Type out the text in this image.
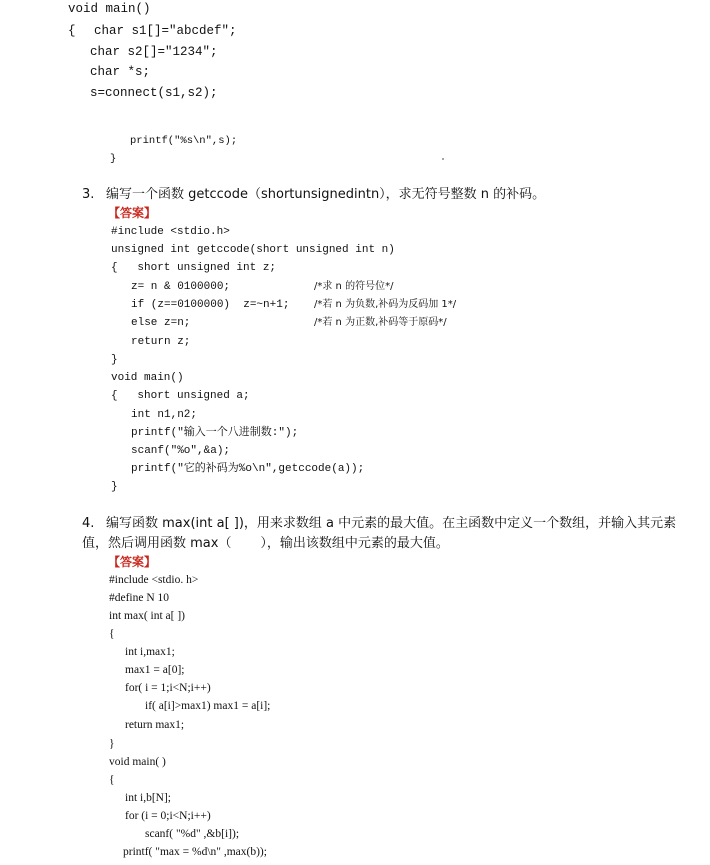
void main()
{ char s1[]="abcdef";
char s2[]="1234";
char *s;
s=connect(s1,s2);
printf("%s\n",s);
}
3. 编写一个函数 getccode（shortunsignedintn），求无符号整数 n 的补码。
【答案】
#include <stdio.h>
unsigned int getccode(short unsigned int n)
{   short unsigned int z;
z= n & 0100000;
if (z==0100000)  z=~n+1;
else z=n;
return z;
}
void main()
{   short unsigned a;
int n1,n2;
printf("输入一个八进制数:");
scanf("%o",&a);
printf("它的补码为%o\n",getccode(a));
}
/*求 n 的符号位*/
/*若 n 为负数,补码为反码加 1*/
/*若 n 为正数,补码等于原码*/
4. 编写函数 max(int a[ ])，用来求数组 a 中元素的最大值。在主函数中定义一个数组，并输入其元素
值，然后调用函数 max（       ），输出该数组中元素的最大值。
【答案】
#include <stdio. h>
#define N 10
int max( int a[ ])
{
int i,max1;
max1 = a[0];
for( i = 1;i<N;i++)
if( a[i]>max1) max1 = a[i];
return max1;
}
void main( )
{
int i,b[N];
for (i = 0;i<N;i++)
scanf( "%d" ,&b[i]);
printf( "max = %d\n" ,max(b));
